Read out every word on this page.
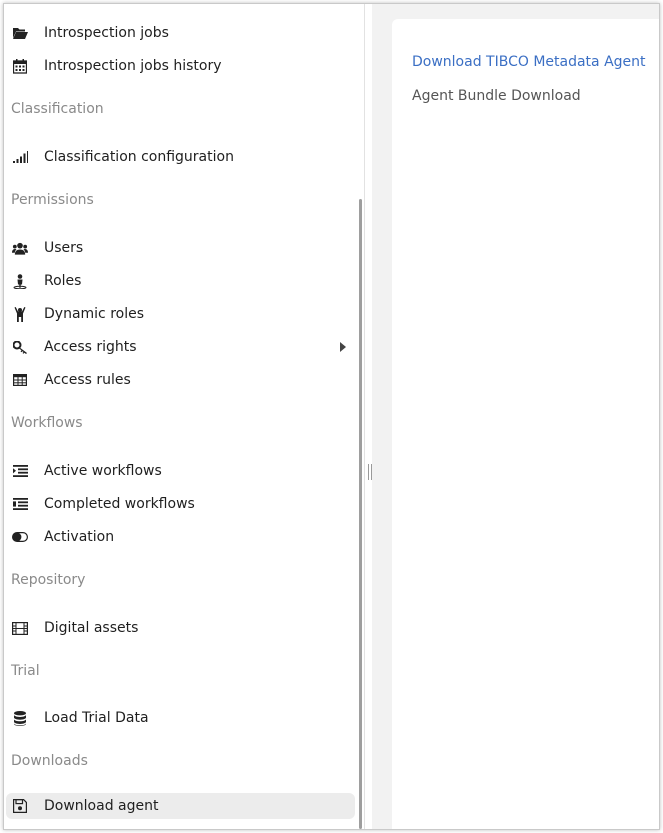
Introspection jobs
Introspection jobs history
Classification
Classification configuration
Permissions
Users
Roles
Dynamic roles
Access rights
Access rules
Workflows
Active workflows
Completed workflows
Activation
Repository
Digital assets
Trial
Load Trial Data
Downloads
Download agent
Download TIBCO Metadata Agent
Agent Bundle Download
